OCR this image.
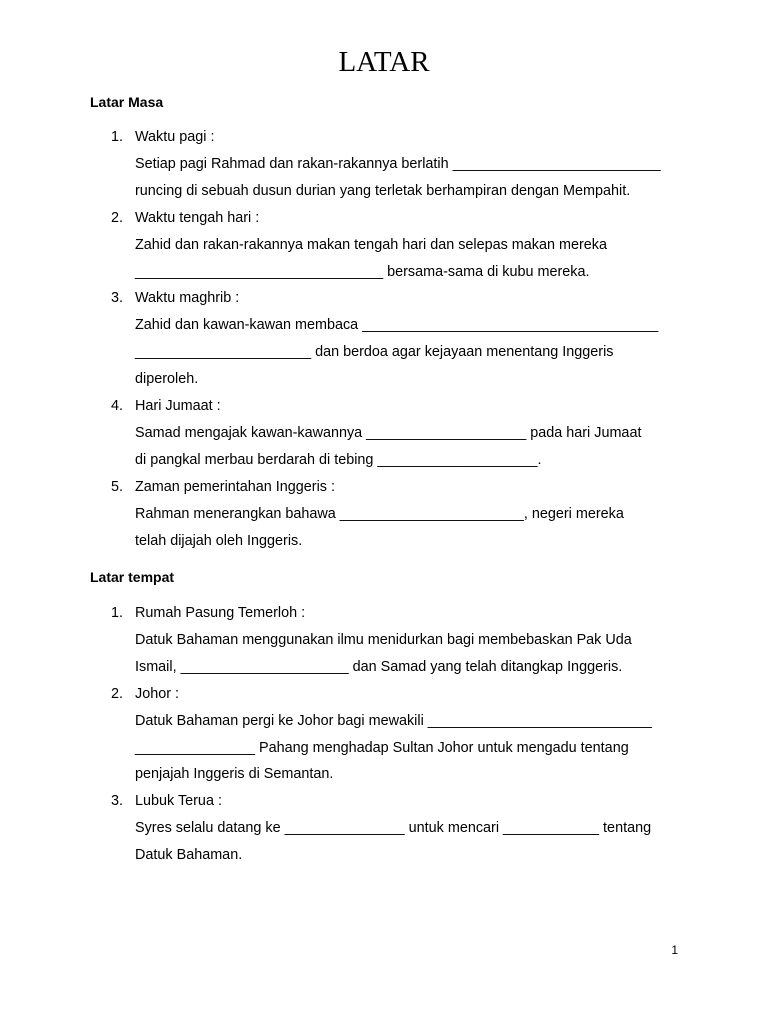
LATAR
Latar Masa
1. Waktu pagi :
Setiap pagi Rahmad dan rakan-rakannya berlatih __________________________
runcing di sebuah dusun durian yang terletak berhampiran dengan Mempahit.
2. Waktu tengah hari :
Zahid dan rakan-rakannya makan tengah hari dan selepas makan mereka
_______________________________ bersama-sama di kubu mereka.
3. Waktu maghrib :
Zahid dan kawan-kawan membaca _____________________________________
______________________ dan berdoa agar kejayaan menentang Inggeris
diperoleh.
4. Hari Jumaat :
Samad mengajak kawan-kawannya ____________________ pada hari Jumaat
di pangkal merbau berdarah di tebing ____________________.
5. Zaman pemerintahan Inggeris :
Rahman menerangkan bahawa _______________________, negeri mereka
telah dijajah oleh Inggeris.
Latar tempat
1. Rumah Pasung Temerloh :
Datuk Bahaman menggunakan ilmu menidurkan bagi membebaskan Pak Uda
Ismail, _____________________ dan Samad yang telah ditangkap Inggeris.
2. Johor :
Datuk Bahaman pergi ke Johor bagi mewakili ____________________________
_______________ Pahang menghadap Sultan Johor untuk mengadu tentang
penjajah Inggeris di Semantan.
3. Lubuk Terua :
Syres selalu datang ke _______________ untuk mencari ____________ tentang
Datuk Bahaman.
1
